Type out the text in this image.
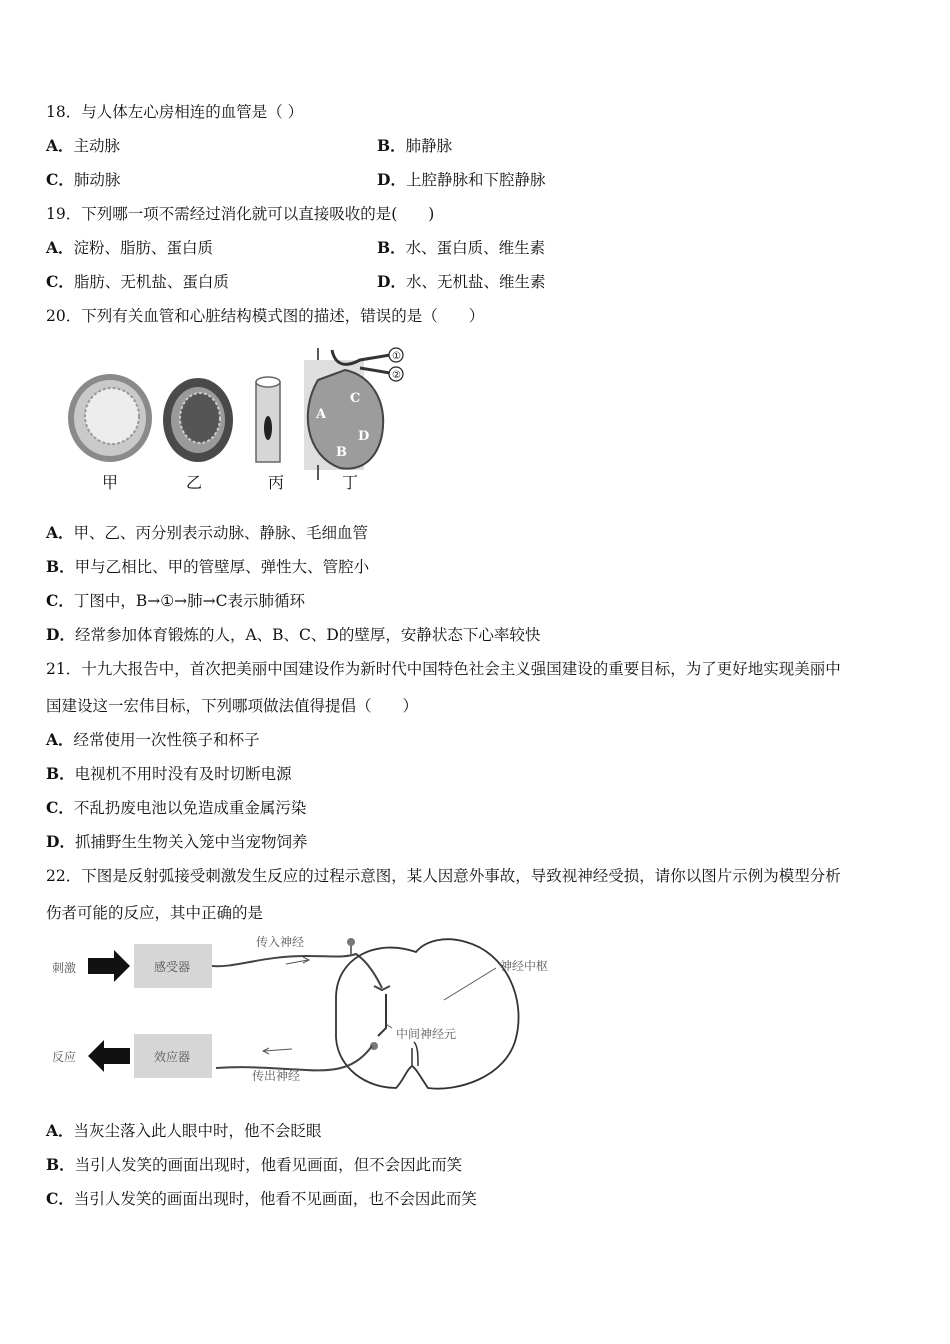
18．与人体左心房相连的血管是（ ）
A．主动脉	B．肺静脉
C．肺动脉	D．上腔静脉和下腔静脉
19．下列哪一项不需经过消化就可以直接吸收的是(　　)
A．淀粉、脂肪、蛋白质	B．水、蛋白质、维生素
C．脂肪、无机盐、蛋白质	D．水、无机盐、维生素
20．下列有关血管和心脏结构模式图的描述，错误的是（　　）
①
②
A
B
C
D
甲	乙	丙	丁
A．甲、乙、丙分别表示动脉、静脉、毛细血管
B．甲与乙相比、甲的管壁厚、弹性大、管腔小
C．丁图中，B→①→肺→C表示肺循环
D．经常参加体育锻炼的人，A、B、C、D的壁厚，安静状态下心率较快
21．十九大报告中，首次把美丽中国建设作为新时代中国特色社会主义强国建设的重要目标，为了更好地实现美丽中
国建设这一宏伟目标，下列哪项做法值得提倡（　　）
A．经常使用一次性筷子和杯子
B．电视机不用时没有及时切断电源
C．不乱扔废电池以免造成重金属污染
D．抓捕野生生物关入笼中当宠物饲养
22．下图是反射弧接受刺激发生反应的过程示意图，某人因意外事故，导致视神经受损，请你以图片示例为模型分析
伤者可能的反应，其中正确的是
刺激	感受器
传入神经
神经中枢
中间神经元
传出神经
效应器
反应
A．当灰尘落入此人眼中时，他不会眨眼
B．当引人发笑的画面出现时，他看见画面，但不会因此而笑
C．当引人发笑的画面出现时，他看不见画面，也不会因此而笑
